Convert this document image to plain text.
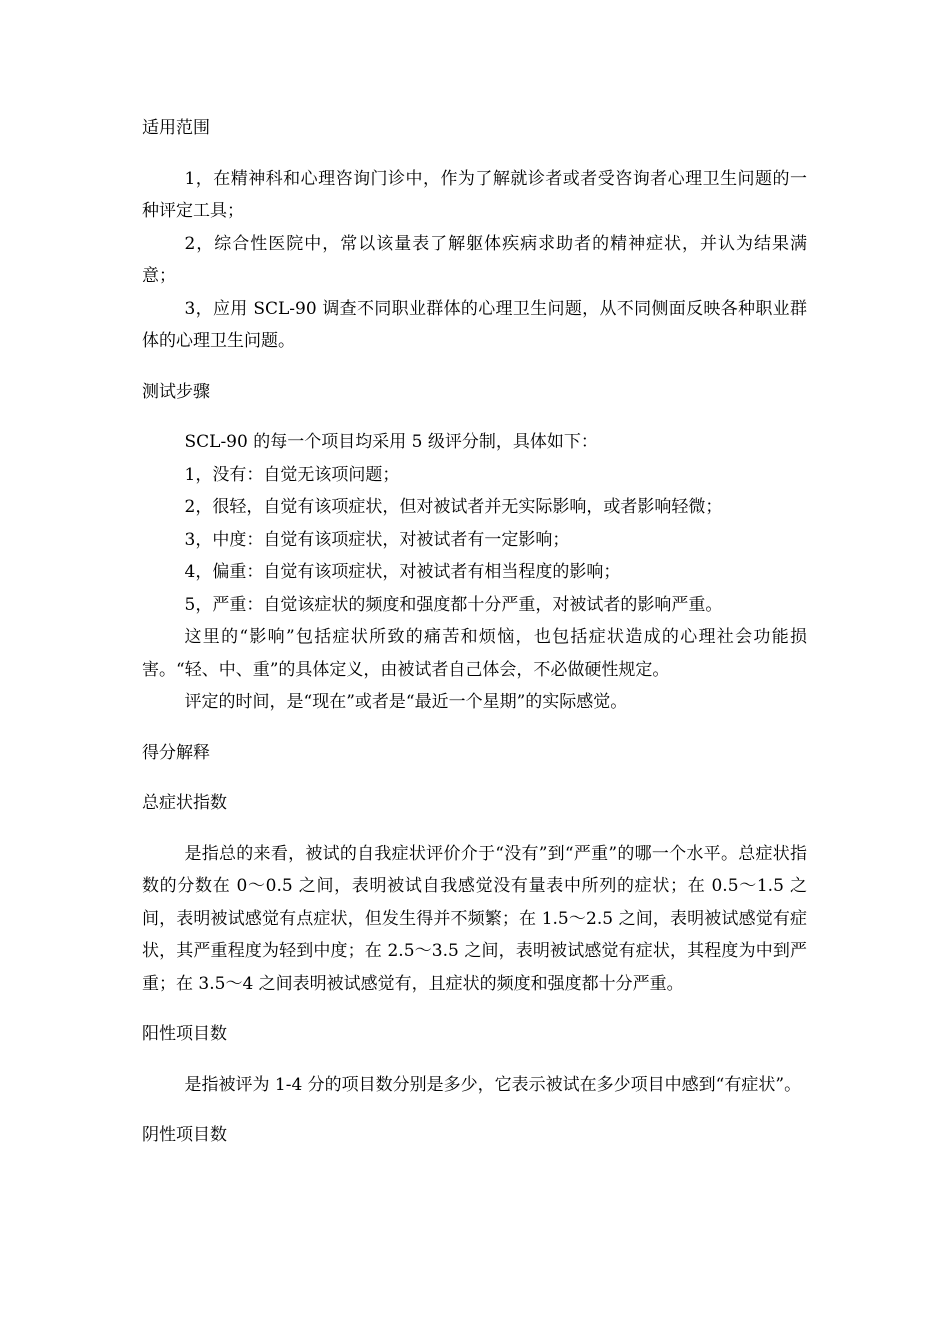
适用范围

1，在精神科和心理咨询门诊中，作为了解就诊者或者受咨询者心理卫生问题的一种评定工具；

2，综合性医院中，常以该量表了解躯体疾病求助者的精神症状，并认为结果满意；

3，应用 SCL-90 调查不同职业群体的心理卫生问题，从不同侧面反映各种职业群体的心理卫生问题。

测试步骤

SCL-90 的每一个项目均采用 5 级评分制，具体如下：

1，没有：自觉无该项问题；

2，很轻，自觉有该项症状，但对被试者并无实际影响，或者影响轻微；

3，中度：自觉有该项症状，对被试者有一定影响；

4，偏重：自觉有该项症状，对被试者有相当程度的影响；

5，严重：自觉该症状的频度和强度都十分严重，对被试者的影响严重。

这里的“影响”包括症状所致的痛苦和烦恼，也包括症状造成的心理社会功能损害。“轻、中、重”的具体定义，由被试者自己体会，不必做硬性规定。

评定的时间，是“现在”或者是“最近一个星期”的实际感觉。

得分解释
总症状指数

是指总的来看，被试的自我症状评价介于“没有”到“严重”的哪一个水平。总症状指数的分数在 0～0.5 之间，表明被试自我感觉没有量表中所列的症状；在 0.5～1.5 之间，表明被试感觉有点症状，但发生得并不频繁；在 1.5～2.5 之间，表明被试感觉有症状，其严重程度为轻到中度；在 2.5～3.5 之间，表明被试感觉有症状，其程度为中到严重；在 3.5～4 之间表明被试感觉有，且症状的频度和强度都十分严重。

阳性项目数

是指被评为 1-4 分的项目数分别是多少，它表示被试在多少项目中感到“有症状”。

阴性项目数
